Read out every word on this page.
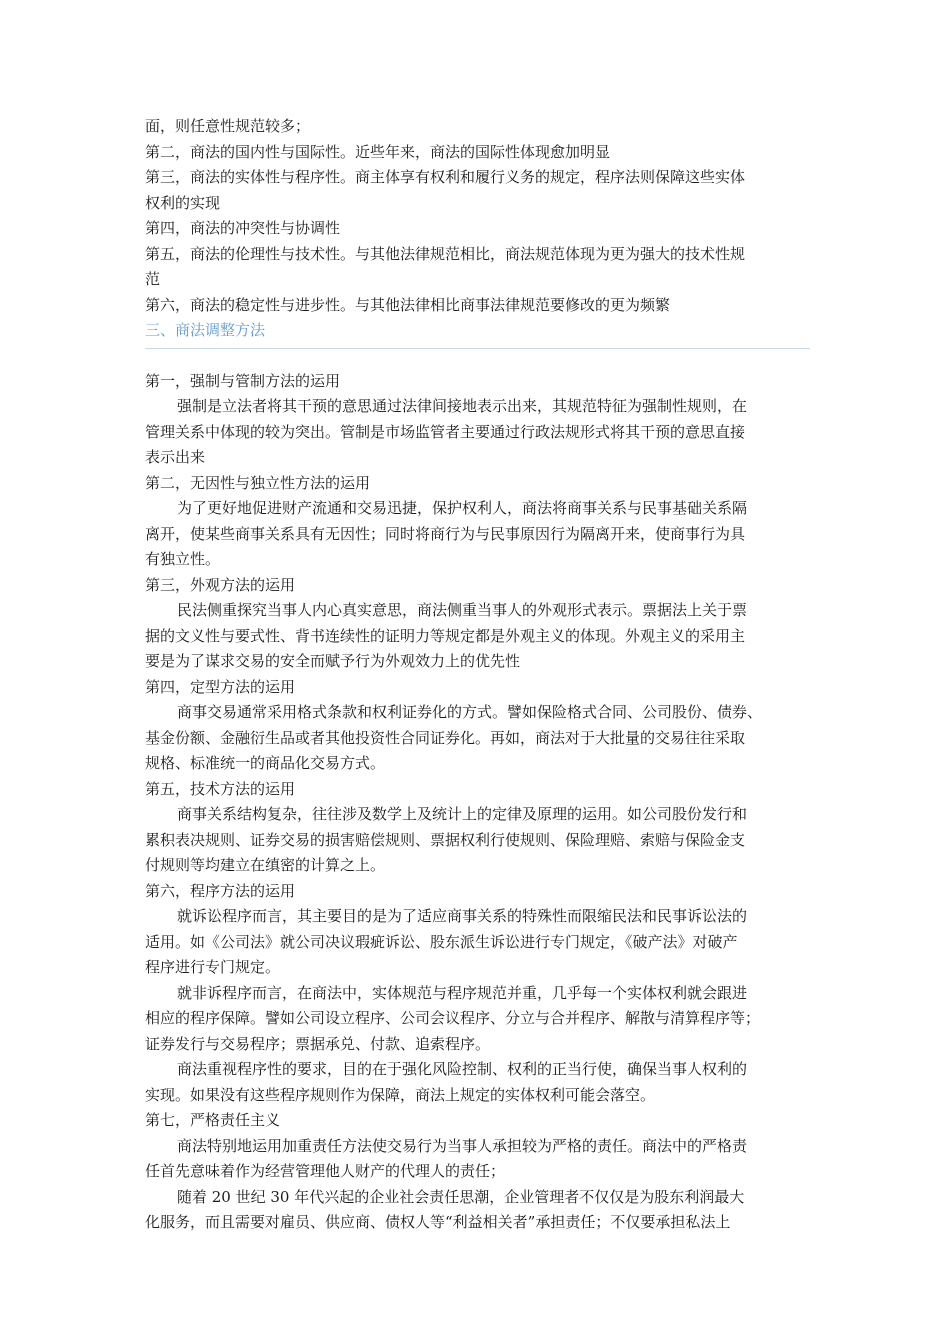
面，则任意性规范较多；
第二，商法的国内性与国际性。近些年来，商法的国际性体现愈加明显
第三，商法的实体性与程序性。商主体享有权利和履行义务的规定，程序法则保障这些实体
权利的实现
第四，商法的冲突性与协调性
第五，商法的伦理性与技术性。与其他法律规范相比，商法规范体现为更为强大的技术性规
范
第六，商法的稳定性与进步性。与其他法律相比商事法律规范要修改的更为频繁
三、商法调整方法
第一，强制与管制方法的运用
强制是立法者将其干预的意思通过法律间接地表示出来，其规范特征为强制性规则，在
管理关系中体现的较为突出。管制是市场监管者主要通过行政法规形式将其干预的意思直接
表示出来
第二，无因性与独立性方法的运用
为了更好地促进财产流通和交易迅捷，保护权利人，商法将商事关系与民事基础关系隔
离开，使某些商事关系具有无因性；同时将商行为与民事原因行为隔离开来，使商事行为具
有独立性。
第三，外观方法的运用
民法侧重探究当事人内心真实意思，商法侧重当事人的外观形式表示。票据法上关于票
据的文义性与要式性、背书连续性的证明力等规定都是外观主义的体现。外观主义的采用主
要是为了谋求交易的安全而赋予行为外观效力上的优先性
第四，定型方法的运用
商事交易通常采用格式条款和权利证券化的方式。譬如保险格式合同、公司股份、债券、
基金份额、金融衍生品或者其他投资性合同证券化。再如，商法对于大批量的交易往往采取
规格、标准统一的商品化交易方式。
第五，技术方法的运用
商事关系结构复杂，往往涉及数学上及统计上的定律及原理的运用。如公司股份发行和
累积表决规则、证券交易的损害赔偿规则、票据权利行使规则、保险理赔、索赔与保险金支
付规则等均建立在缜密的计算之上。
第六，程序方法的运用
就诉讼程序而言，其主要目的是为了适应商事关系的特殊性而限缩民法和民事诉讼法的
适用。如《公司法》就公司决议瑕疵诉讼、股东派生诉讼进行专门规定，《破产法》对破产
程序进行专门规定。
就非诉程序而言，在商法中，实体规范与程序规范并重，几乎每一个实体权利就会跟进
相应的程序保障。譬如公司设立程序、公司会议程序、分立与合并程序、解散与清算程序等；
证券发行与交易程序；票据承兑、付款、追索程序。
商法重视程序性的要求，目的在于强化风险控制、权利的正当行使，确保当事人权利的
实现。如果没有这些程序规则作为保障，商法上规定的实体权利可能会落空。
第七，严格责任主义
商法特别地运用加重责任方法使交易行为当事人承担较为严格的责任。商法中的严格责
任首先意味着作为经营管理他人财产的代理人的责任；
随着 20 世纪 30 年代兴起的企业社会责任思潮，企业管理者不仅仅是为股东利润最大
化服务，而且需要对雇员、供应商、债权人等“利益相关者”承担责任；不仅要承担私法上
